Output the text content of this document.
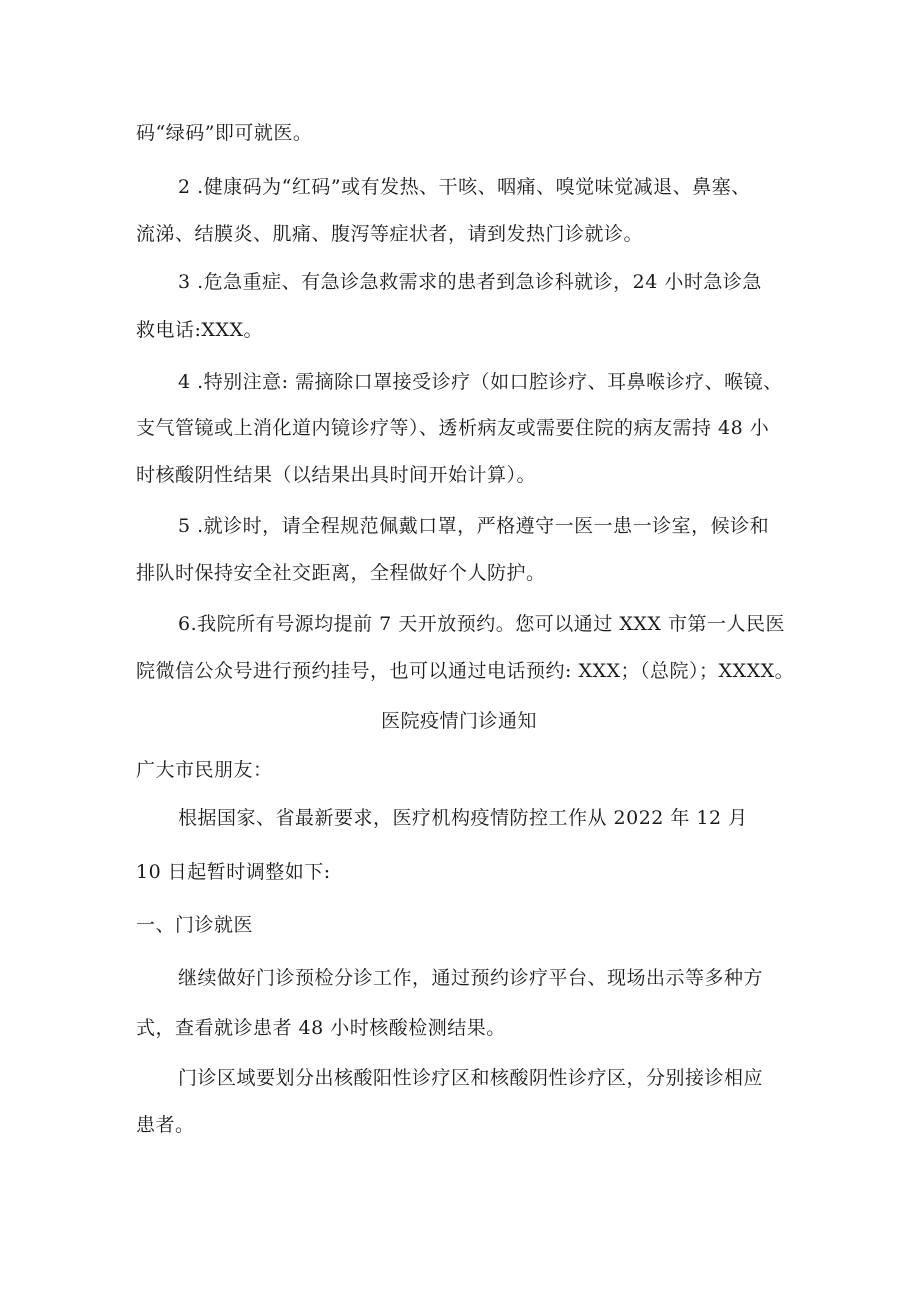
码“绿码”即可就医。
2 .健康码为“红码”或有发热、干咳、咽痛、嗅觉味觉减退、鼻塞、
流涕、结膜炎、肌痛、腹泻等症状者，请到发热门诊就诊。
3 .危急重症、有急诊急救需求的患者到急诊科就诊，24 小时急诊急
救电话:XXX。
4 .特别注意: 需摘除口罩接受诊疗（如口腔诊疗、耳鼻喉诊疗、喉镜、
支气管镜或上消化道内镜诊疗等）、透析病友或需要住院的病友需持 48 小
时核酸阴性结果（以结果出具时间开始计算）。
5 .就诊时，请全程规范佩戴口罩，严格遵守一医一患一诊室，候诊和
排队时保持安全社交距离，全程做好个人防护。
6.我院所有号源均提前 7 天开放预约。您可以通过 XXX 市第一人民医
院微信公众号进行预约挂号，也可以通过电话预约: XXX；（总院）；XXXX。
医院疫情门诊通知
广大市民朋友：
根据国家、省最新要求，医疗机构疫情防控工作从 2022 年 12 月
10 日起暂时调整如下:
一、门诊就医
继续做好门诊预检分诊工作，通过预约诊疗平台、现场出示等多种方
式，查看就诊患者 48 小时核酸检测结果。
门诊区域要划分出核酸阳性诊疗区和核酸阴性诊疗区，分别接诊相应
患者。
